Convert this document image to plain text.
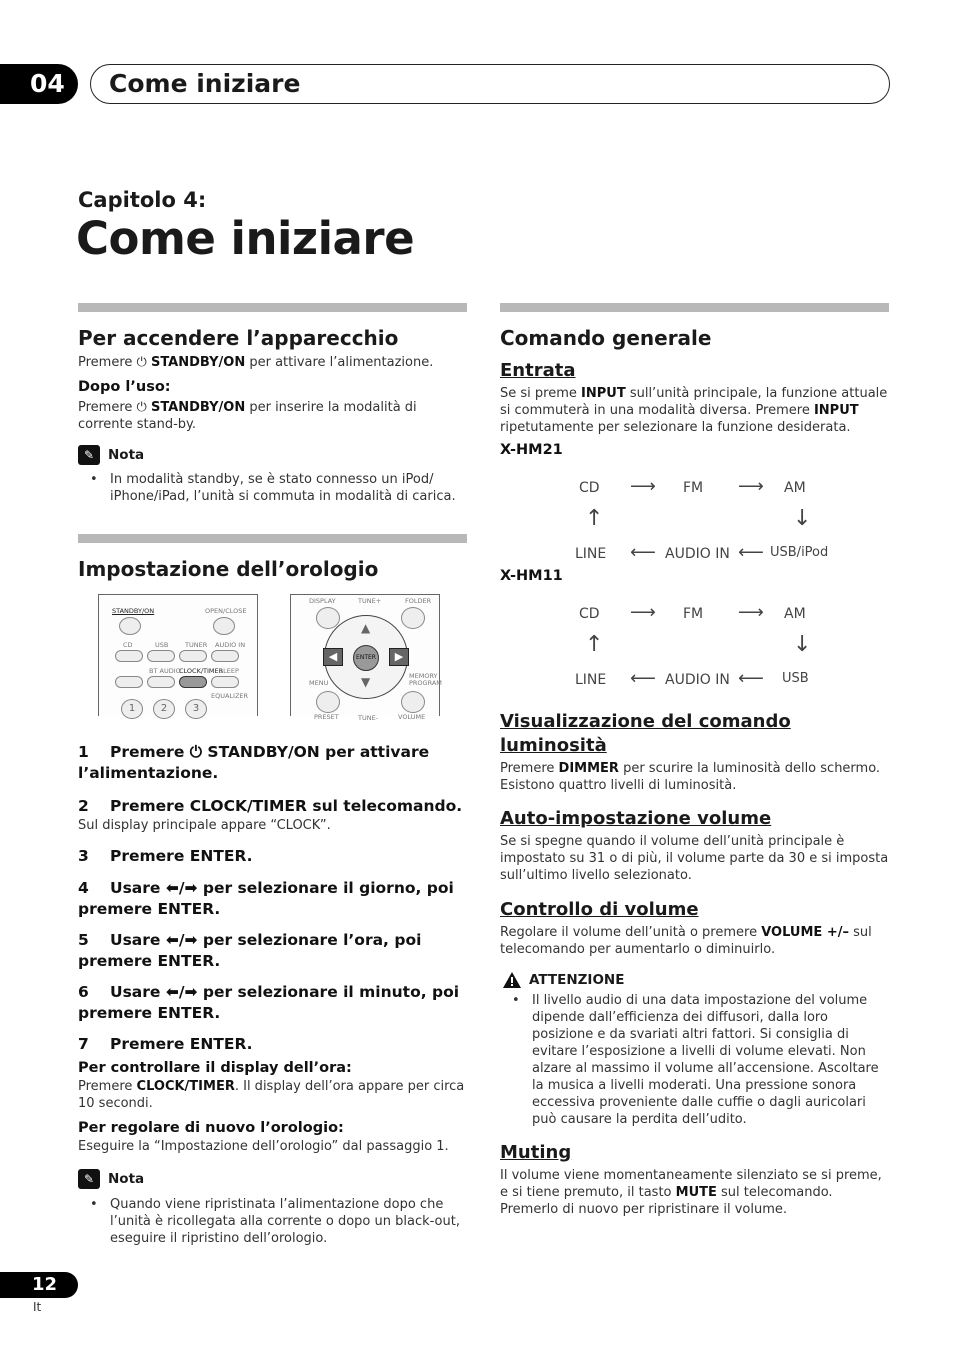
04	Come iniziare
Capitolo 4:
Come iniziare
Per accendere l’apparecchio
Premere ⏻ STANDBY/ON per attivare l’alimentazione.
Dopo l’uso:
Premere ⏻ STANDBY/ON per inserire la modalità di corrente stand-by.
✎	Nota
• In modalità standby, se è stato connesso un iPod/ iPhone/iPad, l’unità si commuta in modalità di carica.
Impostazione dell’orologio
STANDBY/ON	OPEN/CLOSE
CD	USB	TUNER AUDIO IN
BT AUDIO
CLOCK/TIMER
SLEEP
EQUALIZER
1	2	3
DISPLAY	TUNE+	FOLDER
ENTER
▲
▼
◀	▶
MENU
MEMORY PROGRAM
PRESET	TUNE-	VOLUME
1 Premere ⏻ STANDBY/ON per attivare l’alimentazione.
2 Premere CLOCK/TIMER sul telecomando.
Sul display principale appare “CLOCK”.
3 Premere ENTER.
4 Usare ⬅/➡ per selezionare il giorno, poi premere ENTER.
5 Usare ⬅/➡ per selezionare l’ora, poi premere ENTER.
6 Usare ⬅/➡ per selezionare il minuto, poi premere ENTER.
7 Premere ENTER.
Per controllare il display dell’ora:
Premere CLOCK/TIMER. Il display dell’ora appare per circa 10 secondi.
Per regolare di nuovo l’orologio:
Eseguire la “Impostazione dell’orologio” dal passaggio 1.
✎	Nota
• Quando viene ripristinata l’alimentazione dopo che l’unità è ricollegata alla corrente o dopo un black-out, eseguire il ripristino dell’orologio.
Comando generale
Entrata
Se si preme INPUT sull’unità principale, la funzione attuale si commuterà in una modalità diversa. Premere INPUT ripetutamente per selezionare la funzione desiderata.
X-HM21
CD ⟶ FM ⟶ AM
↑	↓
LINE ⟵ AUDIO IN ⟵ USB/iPod
X-HM11
CD ⟶ FM ⟶ AM
↑	↓
LINE ⟵ AUDIO IN ⟵ USB
Visualizzazione del comando luminosità
Premere DIMMER per scurire la luminosità dello schermo. Esistono quattro livelli di luminosità.
Auto-impostazione volume
Se si spegne quando il volume dell’unità principale è impostato su 31 o di più, il volume parte da 30 e si imposta sull’ultimo livello selezionato.
Controllo di volume
Regolare il volume dell’unità o premere VOLUME +/– sul telecomando per aumentarlo o diminuirlo.
ATTENZIONE
• Il livello audio di una data impostazione del volume dipende dall’efficienza dei diffusori, dalla loro posizione e da svariati altri fattori. Si consiglia di evitare l’esposizione a livelli di volume elevati. Non alzare al massimo il volume all’accensione. Ascoltare la musica a livelli moderati. Una pressione sonora eccessiva proveniente dalle cuffie o dagli auricolari può causare la perdita dell’udito.
Muting
Il volume viene momentaneamente silenziato se si preme, e si tiene premuto, il tasto MUTE sul telecomando. Premerlo di nuovo per ripristinare il volume.
12
It
